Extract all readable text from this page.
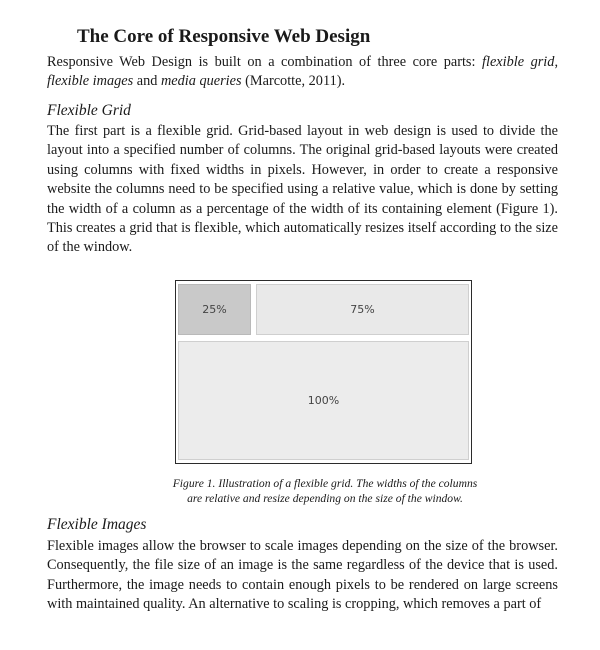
The Core of Responsive Web Design

Responsive Web Design is built on a combination of three core parts: flexible grid, flexible images and media queries (Marcotte, 2011).

Flexible Grid

The first part is a flexible grid. Grid-based layout in web design is used to divide the layout into a specified number of columns. The original grid-based layouts were created using columns with fixed widths in pixels. However, in order to create a responsive website the columns need to be specified using a relative value, which is done by setting the width of a column as a percentage of the width of its containing element (Figure 1). This creates a grid that is flexible, which automatically resizes itself according to the size of the window.

25%	75%
100%

Figure 1. Illustration of a flexible grid. The widths of the columns
are relative and resize depending on the size of the window.

Flexible Images

Flexible images allow the browser to scale images depending on the size of the browser. Consequently, the file size of an image is the same regardless of the device that is used. Furthermore, the image needs to contain enough pixels to be rendered on large screens with maintained quality. An alternative to scaling is cropping, which removes a part of
